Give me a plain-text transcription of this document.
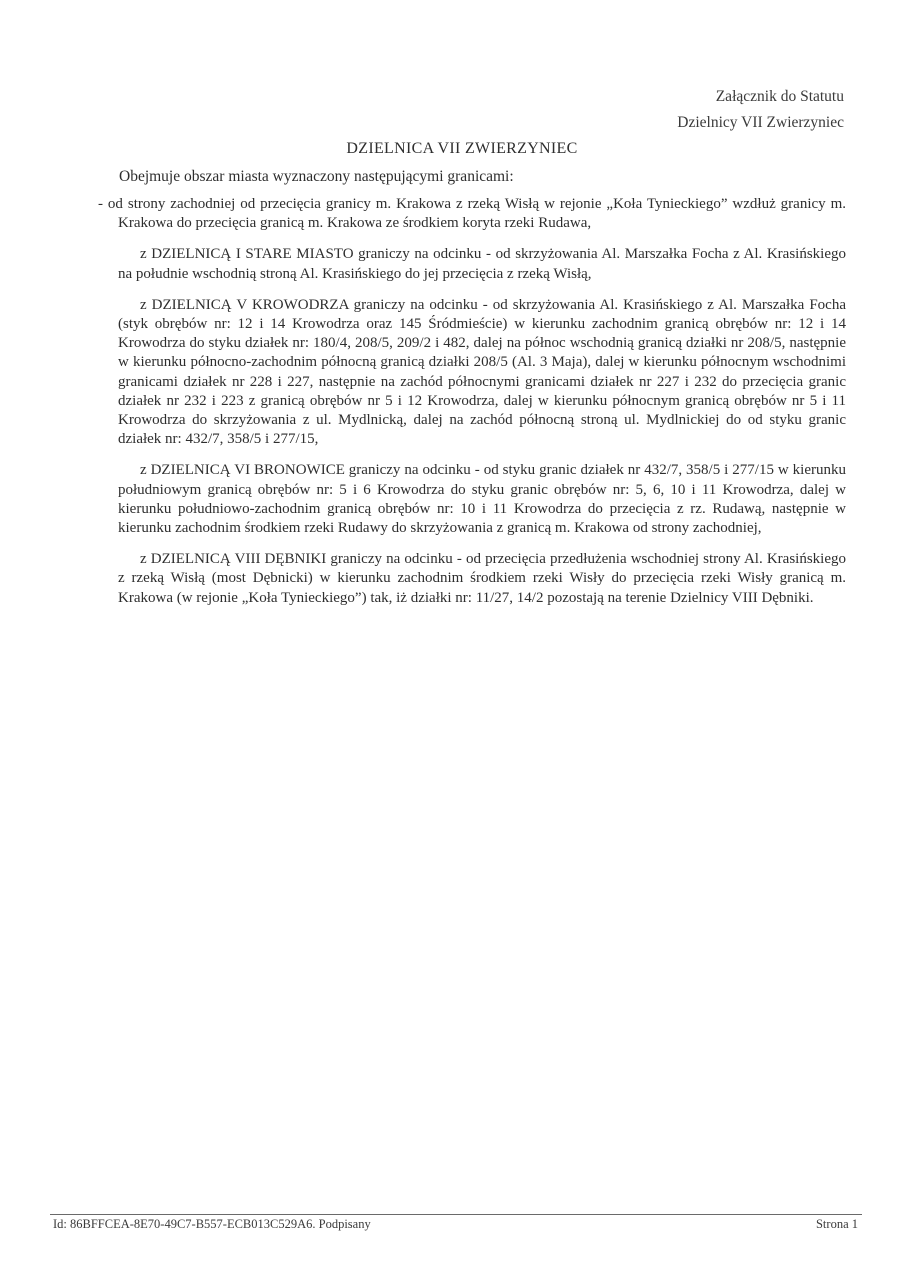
Załącznik do Statutu
Dzielnicy VII Zwierzyniec
DZIELNICA VII ZWIERZYNIEC
Obejmuje obszar miasta wyznaczony następującymi granicami:

- od strony zachodniej od przecięcia granicy m. Krakowa z rzeką Wisłą w rejonie „Koła Tynieckiego” wzdłuż granicy m. Krakowa do przecięcia granicą m. Krakowa ze środkiem koryta rzeki Rudawa,

z DZIELNICĄ I STARE MIASTO graniczy na odcinku - od skrzyżowania Al. Marszałka Focha z Al. Krasińskiego na południe wschodnią stroną Al. Krasińskiego do jej przecięcia z rzeką Wisłą,

z DZIELNICĄ V KROWODRZA graniczy na odcinku - od skrzyżowania Al. Krasińskiego z Al. Marszałka Focha (styk obrębów nr: 12 i 14 Krowodrza oraz 145 Śródmieście) w kierunku zachodnim granicą obrębów nr: 12 i 14 Krowodrza do styku działek nr: 180/4, 208/5, 209/2 i 482, dalej na północ wschodnią granicą działki nr 208/5, następnie w kierunku północno-zachodnim północną granicą działki 208/5 (Al. 3 Maja), dalej w kierunku północnym wschodnimi granicami działek nr 228 i 227, następnie na zachód północnymi granicami działek nr 227 i 232 do przecięcia granic działek nr 232 i 223 z granicą obrębów nr 5 i 12 Krowodrza, dalej w kierunku północnym granicą obrębów nr 5 i 11 Krowodrza do skrzyżowania z ul. Mydlnicką, dalej na zachód północną stroną ul. Mydlnickiej do od styku granic działek nr: 432/7, 358/5 i 277/15,

z DZIELNICĄ VI BRONOWICE graniczy na odcinku - od styku granic działek nr 432/7, 358/5 i 277/15 w kierunku południowym granicą obrębów nr: 5 i 6 Krowodrza do styku granic obrębów nr: 5, 6, 10 i 11 Krowodrza, dalej w kierunku południowo-zachodnim granicą obrębów nr: 10 i 11 Krowodrza do przecięcia z rz. Rudawą, następnie w kierunku zachodnim środkiem rzeki Rudawy do skrzyżowania z granicą m. Krakowa od strony zachodniej,

z DZIELNICĄ VIII DĘBNIKI graniczy na odcinku - od przecięcia przedłużenia wschodniej strony Al. Krasińskiego z rzeką Wisłą (most Dębnicki) w kierunku zachodnim środkiem rzeki Wisły do przecięcia rzeki Wisły granicą m. Krakowa (w rejonie „Koła Tynieckiego”) tak, iż działki nr: 11/27, 14/2 pozostają na terenie Dzielnicy VIII Dębniki.

Id: 86BFFCEA-8E70-49C7-B557-ECB013C529A6. Podpisany	Strona 1
